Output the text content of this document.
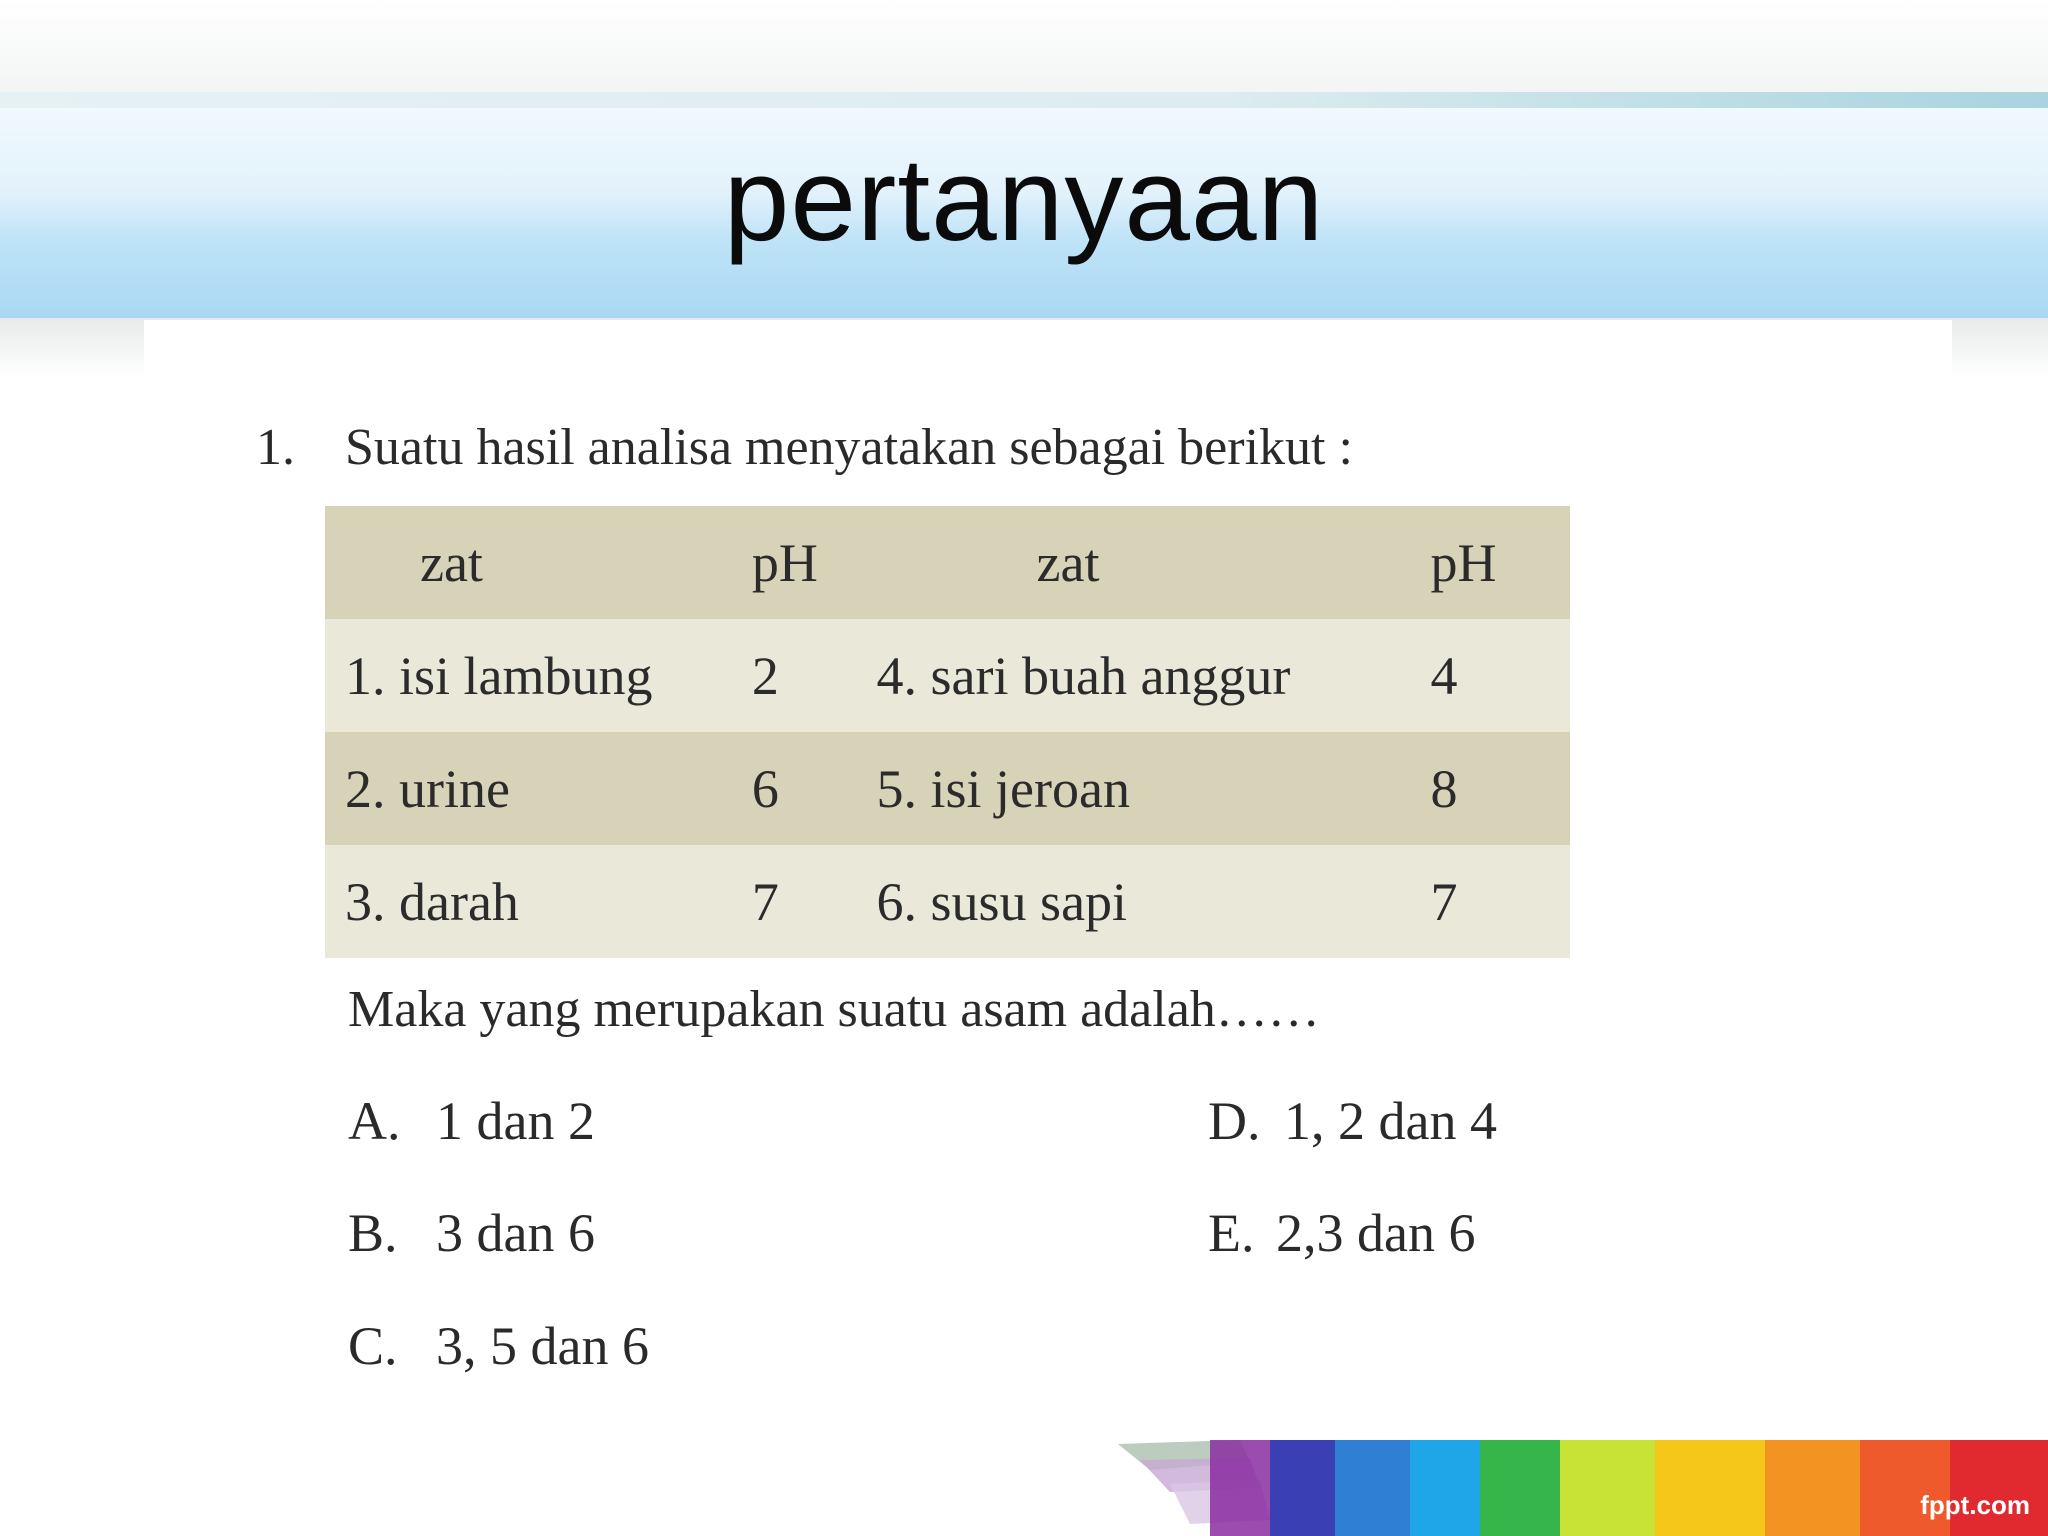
pertanyaan
1. Suatu hasil analisa menyatakan sebagai berikut :
zat	pH	zat	pH
1. isi lambung	2	4. sari buah anggur	4
2. urine	6	5. isi jeroan	8
3. darah	7	6. susu sapi	7
Maka yang merupakan suatu asam adalah……
A. 1 dan 2
B. 3 dan 6
C. 3, 5 dan 6
D. 1, 2 dan 4
E. 2,3 dan 6
fppt.com
